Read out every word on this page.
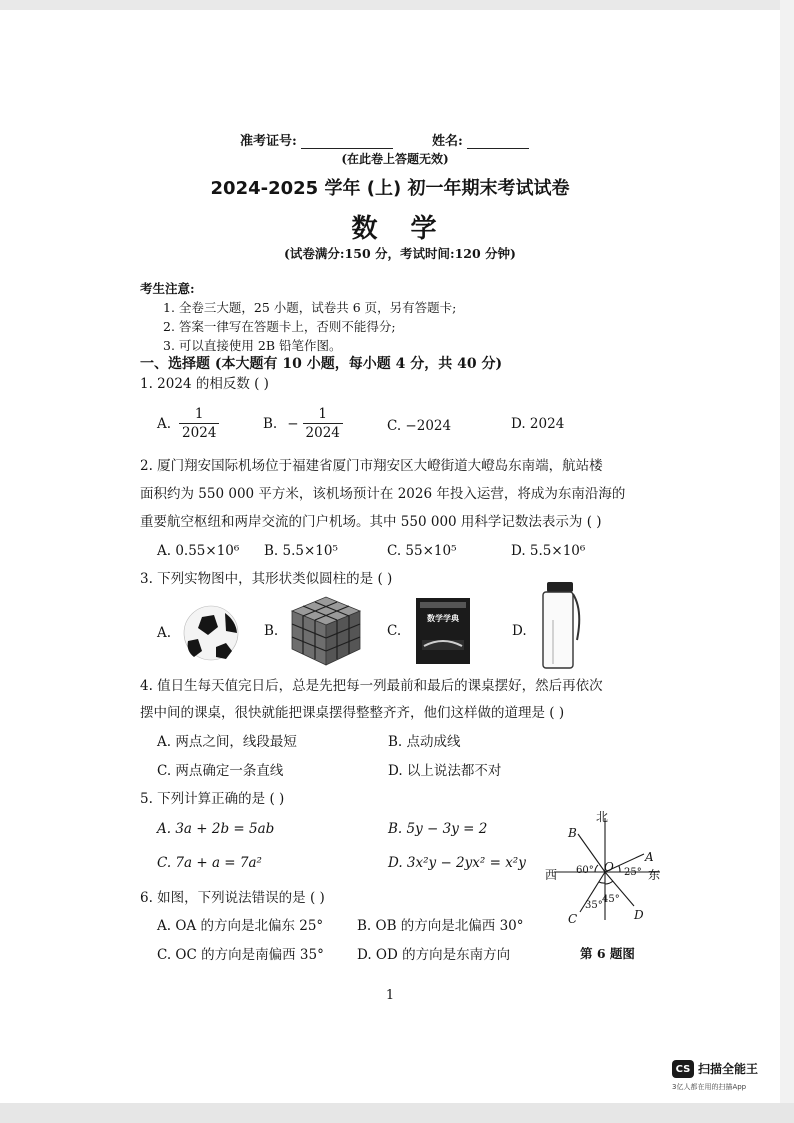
准考证号:	姓名:
(在此卷上答题无效)
2024-2025 学年 (上) 初一年期末考试试卷
数 学
(试卷满分:150 分，考试时间:120 分钟)
考生注意:
1. 全卷三大题，25 小题，试卷共 6 页，另有答题卡;
2. 答案一律写在答题卡上，否则不能得分;
3. 可以直接使用 2B 铅笔作图。
一、选择题 (本大题有 10 小题，每小题 4 分，共 40 分)
1. 2024 的相反数 ( )
A. $\frac{1}{2024}$	B. − $\frac{1}{2024}$	C. −2024	D. 2024
2. 厦门翔安国际机场位于福建省厦门市翔安区大嶝街道大嶝岛东南端，航站楼
面积约为 550 000 平方米，该机场预计在 2026 年投入运营，将成为东南沿海的
重要航空枢纽和两岸交流的门户机场。其中 550 000 用科学记数法表示为 ( )
A. 0.55×10⁶ B. 5.5×10⁵	C. 55×10⁵	D. 5.5×10⁶
3. 下列实物图中，其形状类似圆柱的是 ( )
A.	B.	C.	D.
数学学典
4. 值日生每天值完日后，总是先把每一列最前和最后的课桌摆好，然后再依次
摆中间的课桌，很快就能把课桌摆得整整齐齐，他们这样做的道理是 ( )
A. 两点之间，线段最短	B. 点动成线
C. 两点确定一条直线	D. 以上说法都不对
5. 下列计算正确的是 ( )
A. 3a + 2b = 5ab	B. 5y − 3y = 2
C. 7a + a = 7a²	D. 3x²y − 2yx² = x²y
6. 如图，下列说法错误的是 ( )
A. OA 的方向是北偏东 25°	B. OB 的方向是北偏西 30°
C. OC 的方向是南偏西 35° D. OD 的方向是东南方向
北
西	东
A
B
C	D
O
60°	25°
35°
45°
第 6 题图
1
CS 扫描全能王
3亿人都在用的扫描App
